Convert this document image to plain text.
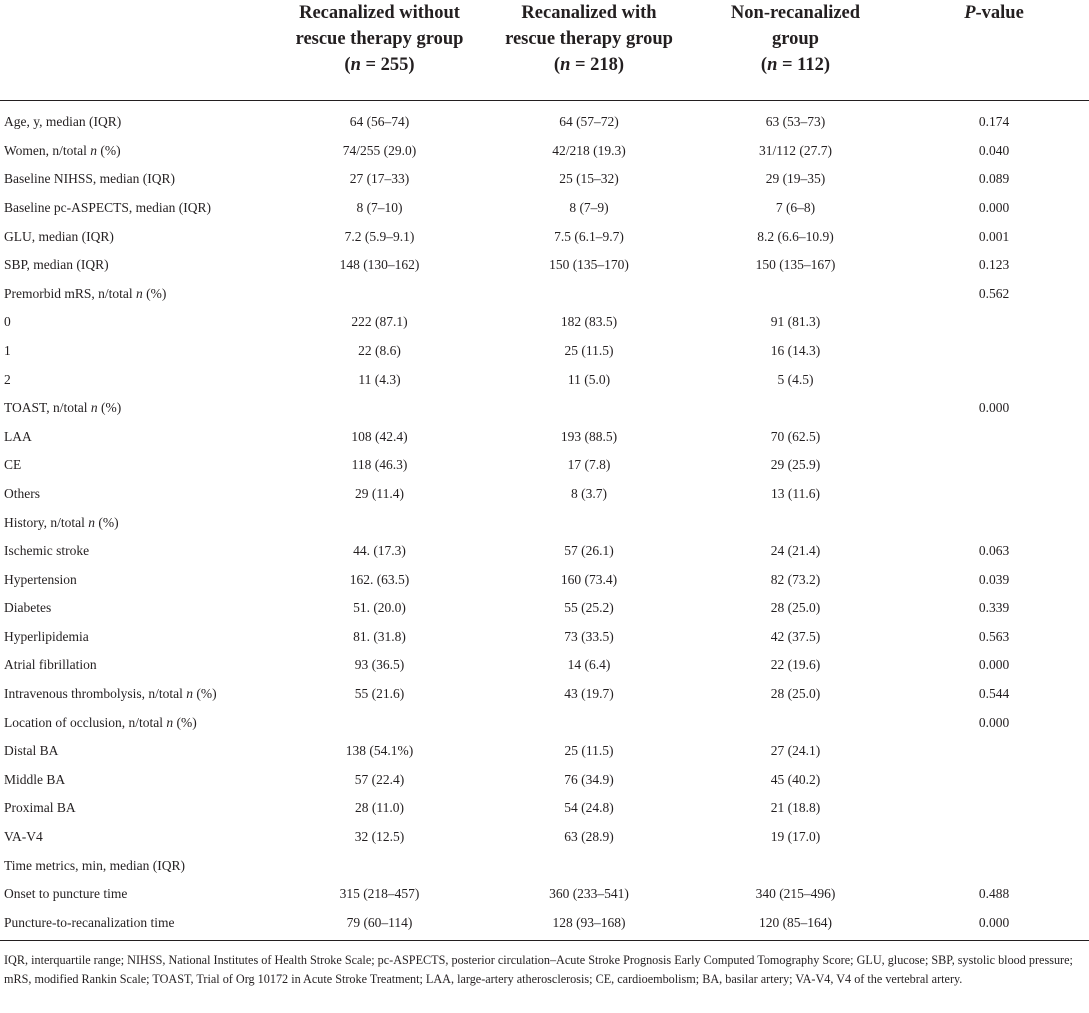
	Recanalized without
rescue therapy group
(n = 255)	Recanalized with
rescue therapy group
(n = 218)	Non-recanalized
group
(n = 112)	P-value

Age, y, median (IQR)	64 (56–74)	64 (57–72)	63 (53–73)	0.174
Women, n/total n (%)	74/255 (29.0)	42/218 (19.3)	31/112 (27.7)	0.040
Baseline NIHSS, median (IQR)	27 (17–33)	25 (15–32)	29 (19–35)	0.089
Baseline pc-ASPECTS, median (IQR)	8 (7–10)	8 (7–9)	7 (6–8)	0.000
GLU, median (IQR)	7.2 (5.9–9.1)	7.5 (6.1–9.7)	8.2 (6.6–10.9)	0.001
SBP, median (IQR)	148 (130–162)	150 (135–170)	150 (135–167)	0.123
Premorbid mRS, n/total n (%)				0.562
0	222 (87.1)	182 (83.5)	91 (81.3)	
1	22 (8.6)	25 (11.5)	16 (14.3)	
2	11 (4.3)	11 (5.0)	5 (4.5)	
TOAST, n/total n (%)				0.000
LAA	108 (42.4)	193 (88.5)	70 (62.5)	
CE	118 (46.3)	17 (7.8)	29 (25.9)	
Others	29 (11.4)	8 (3.7)	13 (11.6)	
History, n/total n (%)				
Ischemic stroke	44. (17.3)	57 (26.1)	24 (21.4)	0.063
Hypertension	162. (63.5)	160 (73.4)	82 (73.2)	0.039
Diabetes	51. (20.0)	55 (25.2)	28 (25.0)	0.339
Hyperlipidemia	81. (31.8)	73 (33.5)	42 (37.5)	0.563
Atrial fibrillation	93 (36.5)	14 (6.4)	22 (19.6)	0.000
Intravenous thrombolysis, n/total n (%)	55 (21.6)	43 (19.7)	28 (25.0)	0.544
Location of occlusion, n/total n (%)				0.000
Distal BA	138 (54.1%)	25 (11.5)	27 (24.1)	
Middle BA	57 (22.4)	76 (34.9)	45 (40.2)	
Proximal BA	28 (11.0)	54 (24.8)	21 (18.8)	
VA-V4	32 (12.5)	63 (28.9)	19 (17.0)	
Time metrics, min, median (IQR)				
Onset to puncture time	315 (218–457)	360 (233–541)	340 (215–496)	0.488
Puncture-to-recanalization time	79 (60–114)	128 (93–168)	120 (85–164)	0.000
IQR, interquartile range; NIHSS, National Institutes of Health Stroke Scale; pc-ASPECTS, posterior circulation–Acute Stroke Prognosis Early Computed Tomography Score; GLU, glucose; SBP, systolic blood pressure; mRS, modified Rankin Scale; TOAST, Trial of Org 10172 in Acute Stroke Treatment; LAA, large-artery atherosclerosis; CE, cardioembolism; BA, basilar artery; VA-V4, V4 of the vertebral artery.
